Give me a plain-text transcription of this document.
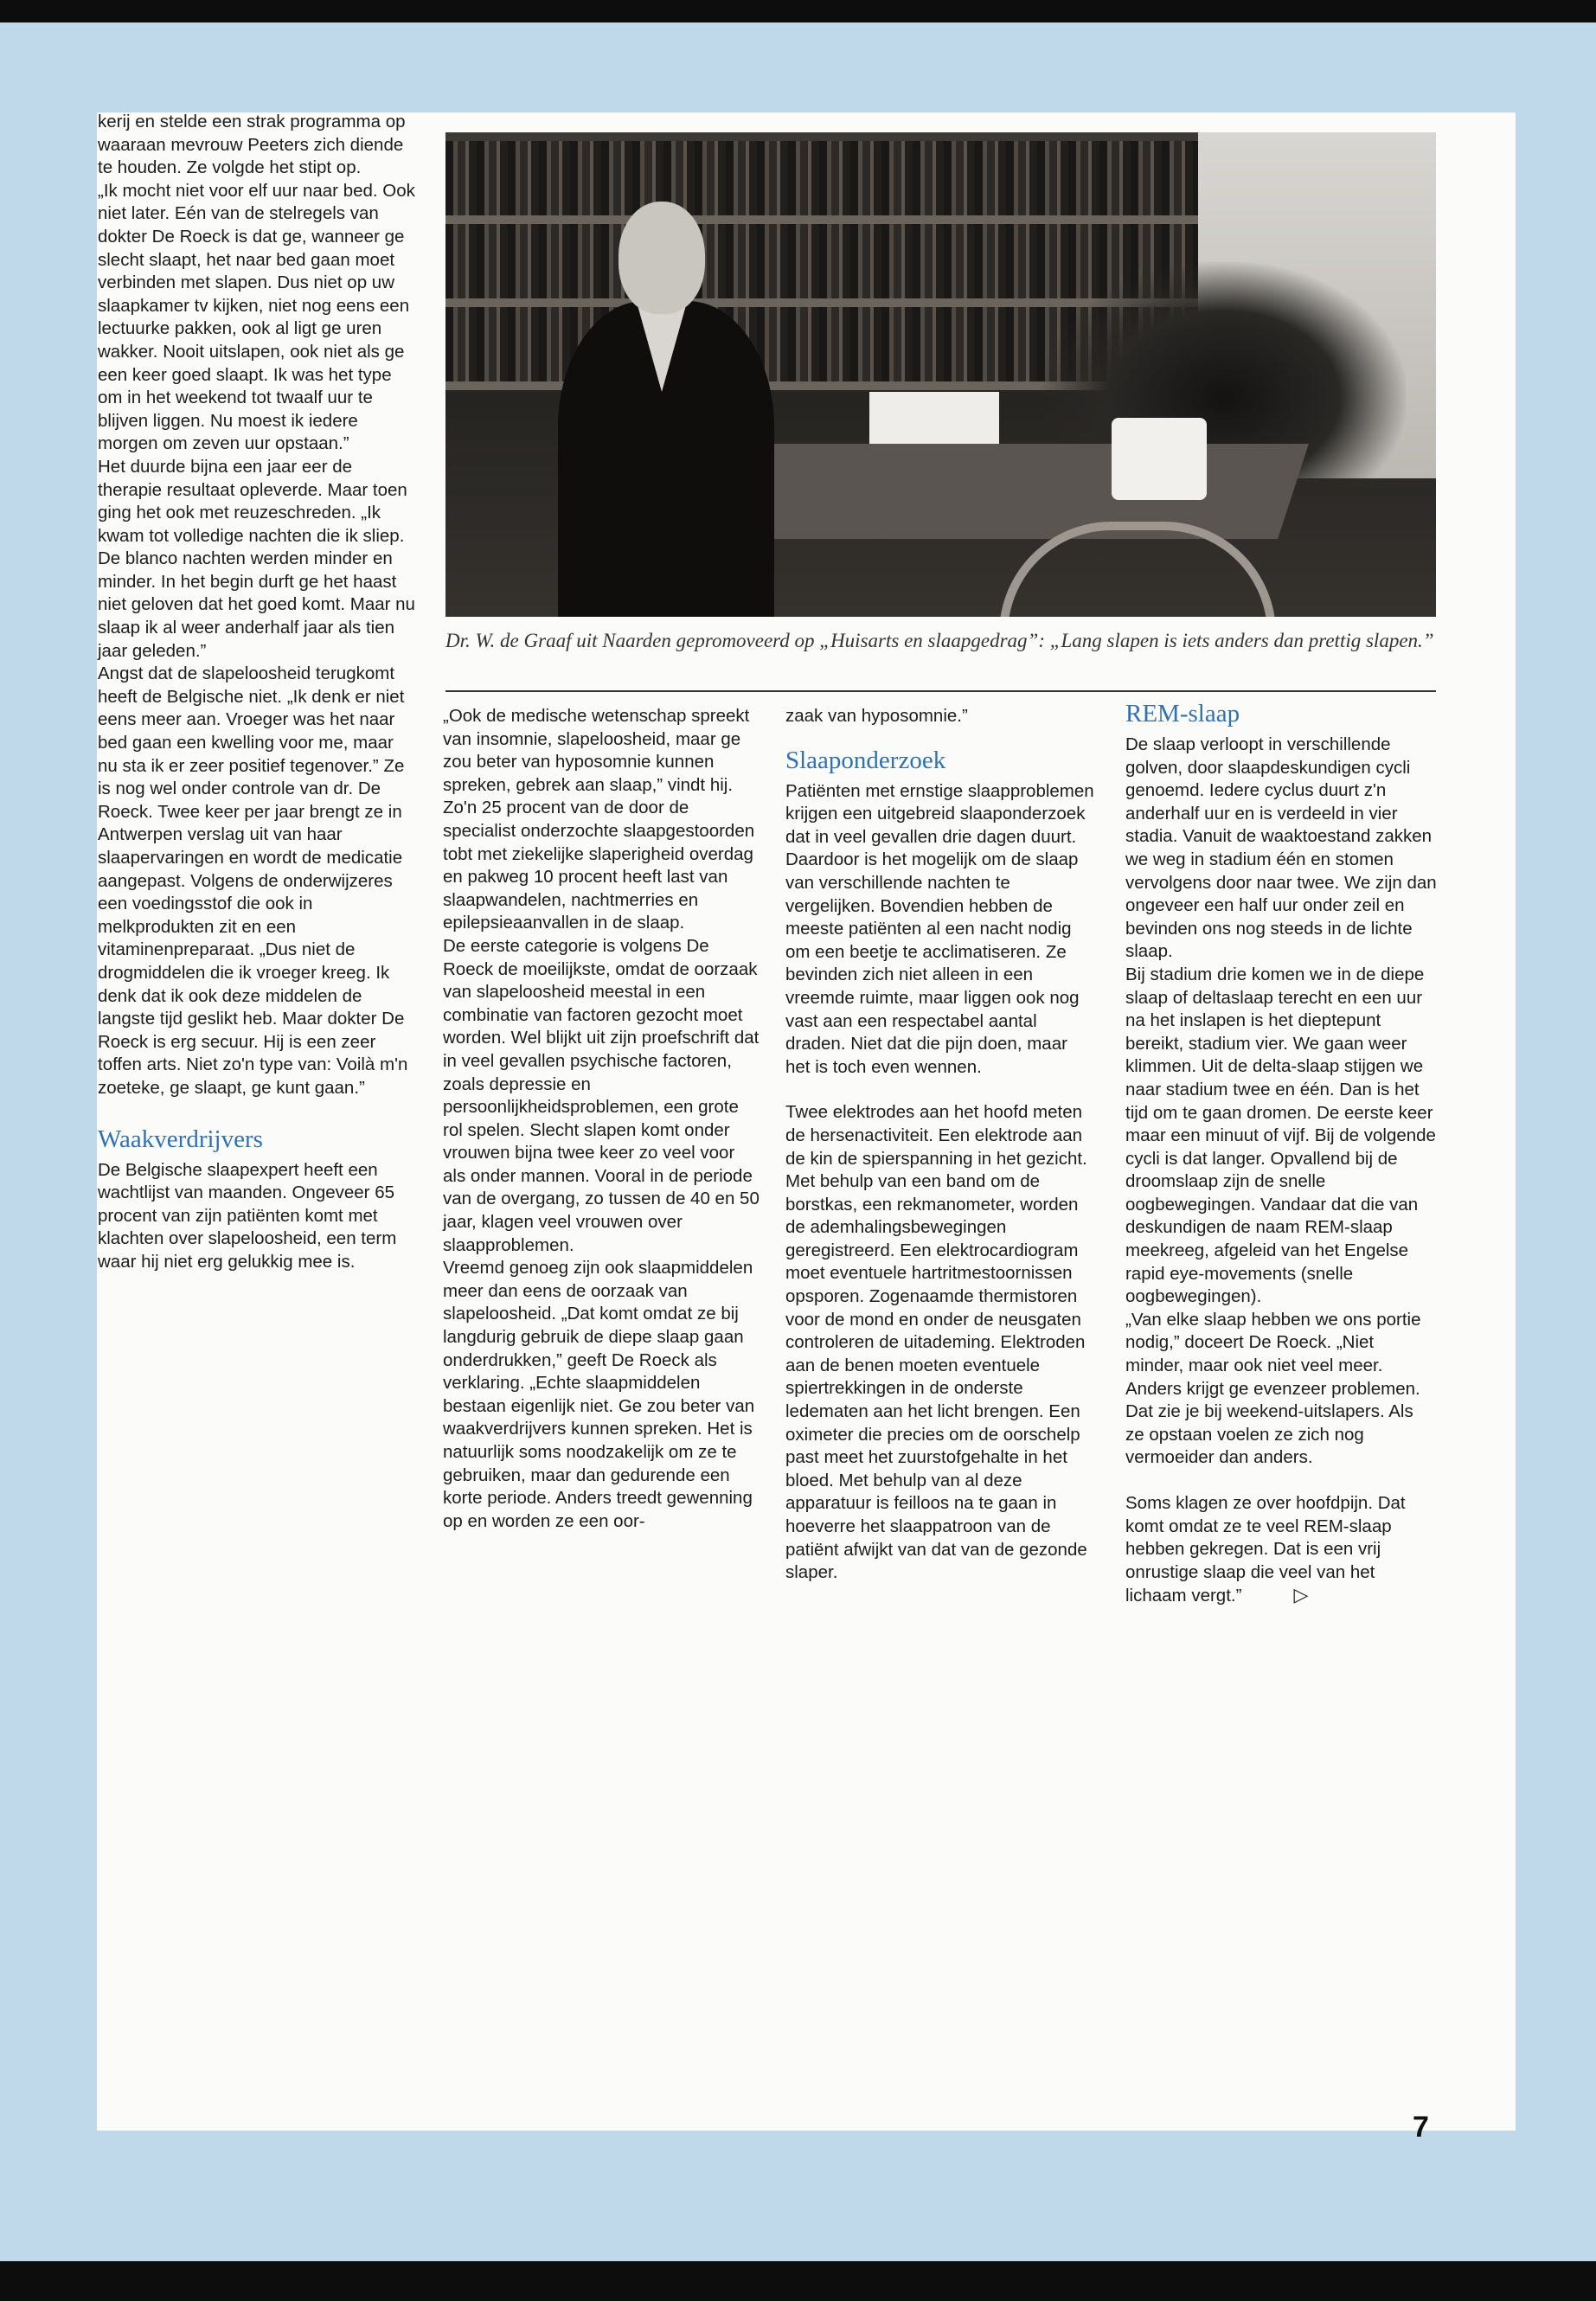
Dr. W. de Graaf uit Naarden gepromoveerd op „Huisarts en slaapgedrag”: „Lang slapen is iets anders dan prettig slapen.”

kerij en stelde een strak programma op waaraan mevrouw Peeters zich diende te houden. Ze volgde het stipt op.

„Ik mocht niet voor elf uur naar bed. Ook niet later. Eén van de stelregels van dokter De Roeck is dat ge, wanneer ge slecht slaapt, het naar bed gaan moet verbinden met slapen. Dus niet op uw slaapkamer tv kijken, niet nog eens een lectuurke pakken, ook al ligt ge uren wakker. Nooit uitslapen, ook niet als ge een keer goed slaapt. Ik was het type om in het weekend tot twaalf uur te blijven liggen. Nu moest ik iedere morgen om zeven uur opstaan.”

Het duurde bijna een jaar eer de therapie resultaat opleverde. Maar toen ging het ook met reuzeschreden. „Ik kwam tot volledige nachten die ik sliep. De blanco nachten werden minder en minder. In het begin durft ge het haast niet geloven dat het goed komt. Maar nu slaap ik al weer anderhalf jaar als tien jaar geleden.”

Angst dat de slapeloosheid terugkomt heeft de Belgische niet. „Ik denk er niet eens meer aan. Vroeger was het naar bed gaan een kwelling voor me, maar nu sta ik er zeer positief tegenover.” Ze is nog wel onder controle van dr. De Roeck. Twee keer per jaar brengt ze in Antwerpen verslag uit van haar slaapervaringen en wordt de medicatie aangepast. Volgens de onderwijzeres een voedingsstof die ook in melkprodukten zit en een vitaminenpreparaat. „Dus niet de drogmiddelen die ik vroeger kreeg. Ik denk dat ik ook deze middelen de langste tijd geslikt heb. Maar dokter De Roeck is erg secuur. Hij is een zeer toffen arts. Niet zo'n type van: Voilà m'n zoeteke, ge slaapt, ge kunt gaan.”

Waakverdrijvers

De Belgische slaapexpert heeft een wachtlijst van maanden. Ongeveer 65 procent van zijn patiënten komt met klachten over slapeloosheid, een term waar hij niet erg gelukkig mee is.

„Ook de medische wetenschap spreekt van insomnie, slapeloosheid, maar ge zou beter van hyposomnie kunnen spreken, gebrek aan slaap,” vindt hij. Zo'n 25 procent van de door de specialist onderzochte slaapgestoorden tobt met ziekelijke slaperigheid overdag en pakweg 10 procent heeft last van slaapwandelen, nachtmerries en epilepsieaanvallen in de slaap.

De eerste categorie is volgens De Roeck de moeilijkste, omdat de oorzaak van slapeloosheid meestal in een combinatie van factoren gezocht moet worden. Wel blijkt uit zijn proefschrift dat in veel gevallen psychische factoren, zoals depressie en persoonlijkheidsproblemen, een grote rol spelen. Slecht slapen komt onder vrouwen bijna twee keer zo veel voor als onder mannen. Vooral in de periode van de overgang, zo tussen de 40 en 50 jaar, klagen veel vrouwen over slaapproblemen.

Vreemd genoeg zijn ook slaapmiddelen meer dan eens de oorzaak van slapeloosheid. „Dat komt omdat ze bij langdurig gebruik de diepe slaap gaan onderdrukken,” geeft De Roeck als verklaring. „Echte slaapmiddelen bestaan eigenlijk niet. Ge zou beter van waakverdrijvers kunnen spreken. Het is natuurlijk soms noodzakelijk om ze te gebruiken, maar dan gedurende een korte periode. Anders treedt gewenning op en worden ze een oor-

zaak van hyposomnie.”

Slaaponderzoek

Patiënten met ernstige slaapproblemen krijgen een uitgebreid slaaponderzoek dat in veel gevallen drie dagen duurt. Daardoor is het mogelijk om de slaap van verschillende nachten te vergelijken. Bovendien hebben de meeste patiënten al een nacht nodig om een beetje te acclimatiseren. Ze bevinden zich niet alleen in een vreemde ruimte, maar liggen ook nog vast aan een respectabel aantal draden. Niet dat die pijn doen, maar het is toch even wennen.

Twee elektrodes aan het hoofd meten de hersenactiviteit. Een elektrode aan de kin de spierspanning in het gezicht. Met behulp van een band om de borstkas, een rekmanometer, worden de ademhalingsbewegingen geregistreerd. Een elektrocardiogram moet eventuele hartritmestoornissen opsporen. Zogenaamde thermistoren voor de mond en onder de neusgaten controleren de uitademing. Elektroden aan de benen moeten eventuele spiertrekkingen in de onderste ledematen aan het licht brengen. Een oximeter die precies om de oorschelp past meet het zuurstofgehalte in het bloed. Met behulp van al deze apparatuur is feilloos na te gaan in hoeverre het slaappatroon van de patiënt afwijkt van dat van de gezonde slaper.

REM-slaap

De slaap verloopt in verschillende golven, door slaapdeskundigen cycli genoemd. Iedere cyclus duurt z'n anderhalf uur en is verdeeld in vier stadia. Vanuit de waaktoestand zakken we weg in stadium één en stomen vervolgens door naar twee. We zijn dan ongeveer een half uur onder zeil en bevinden ons nog steeds in de lichte slaap.

Bij stadium drie komen we in de diepe slaap of deltaslaap terecht en een uur na het inslapen is het dieptepunt bereikt, stadium vier. We gaan weer klimmen. Uit de delta-slaap stijgen we naar stadium twee en één. Dan is het tijd om te gaan dromen. De eerste keer maar een minuut of vijf. Bij de volgende cycli is dat langer. Opvallend bij de droomslaap zijn de snelle oogbewegingen. Vandaar dat die van deskundigen de naam REM-slaap meekreeg, afgeleid van het Engelse rapid eye-movements (snelle oogbewegingen).

„Van elke slaap hebben we ons portie nodig,” doceert De Roeck. „Niet minder, maar ook niet veel meer. Anders krijgt ge evenzeer problemen. Dat zie je bij weekend-uitslapers. Als ze opstaan voelen ze zich nog vermoeider dan anders.

Soms klagen ze over hoofdpijn. Dat komt omdat ze te veel REM-slaap hebben gekregen. Dat is een vrij onrustige slaap die veel van het lichaam vergt.”	▷

7
